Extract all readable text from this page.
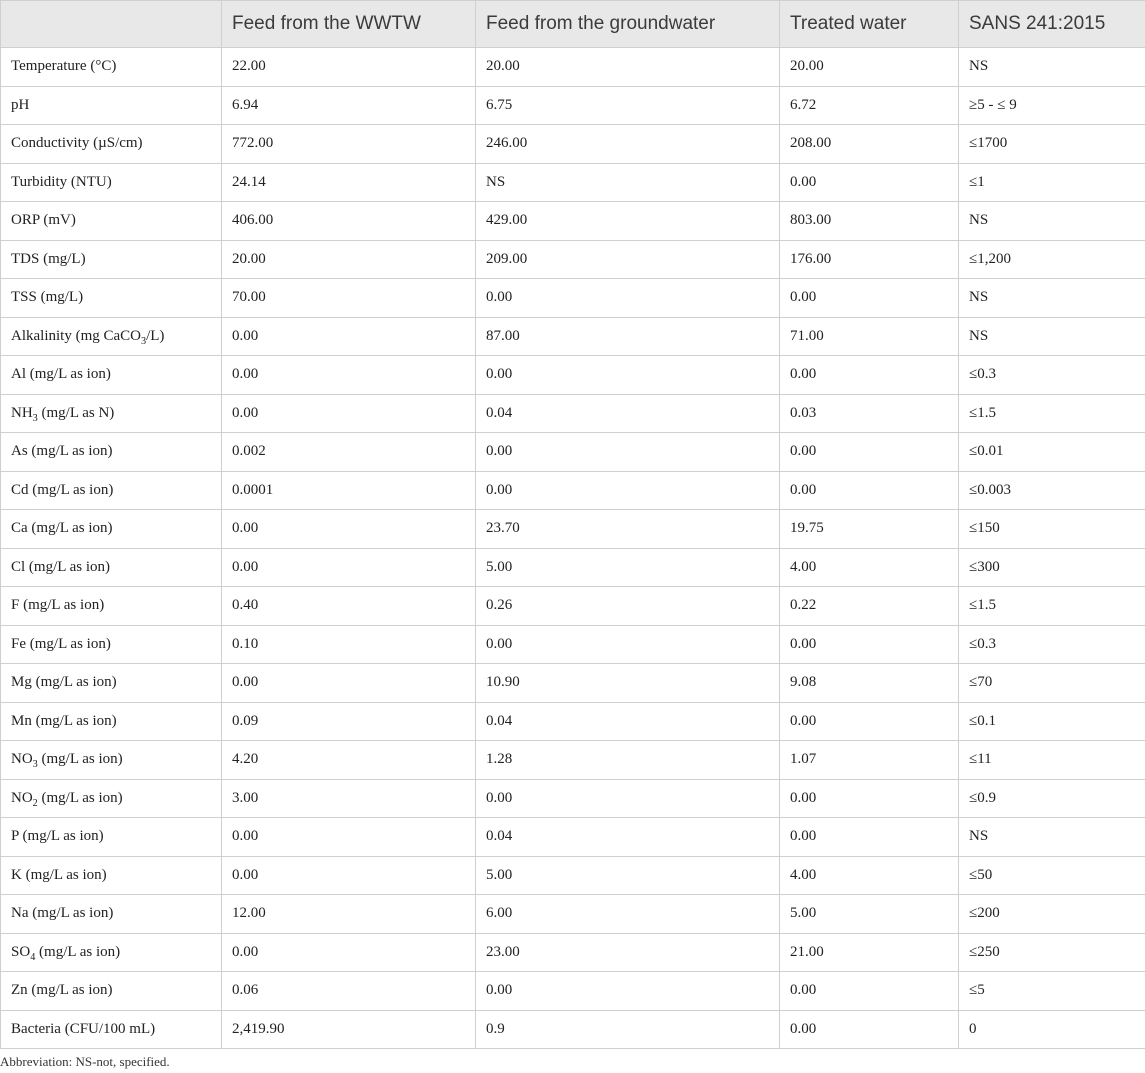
	Feed from the WWTW	Feed from the groundwater	Treated water	SANS 241:2015
Temperature (°C)	22.00	20.00	20.00	NS
pH	6.94	6.75	6.72	≥5 - ≤ 9
Conductivity (µS/cm)	772.00	246.00	208.00	≤1700
Turbidity (NTU)	24.14	NS	0.00	≤1
ORP (mV)	406.00	429.00	803.00	NS
TDS (mg/L)	20.00	209.00	176.00	≤1,200
TSS (mg/L)	70.00	0.00	0.00	NS
Alkalinity (mg CaCO$_3$/L)	0.00	87.00	71.00	NS
Al (mg/L as ion)	0.00	0.00	0.00	≤0.3
$NH_3$ (mg/L as N)	0.00	0.04	0.03	≤1.5
As (mg/L as ion)	0.002	0.00	0.00	≤0.01
Cd (mg/L as ion)	0.0001	0.00	0.00	≤0.003
Ca (mg/L as ion)	0.00	23.70	19.75	≤150
Cl (mg/L as ion)	0.00	5.00	4.00	≤300
F (mg/L as ion)	0.40	0.26	0.22	≤1.5
Fe (mg/L as ion)	0.10	0.00	0.00	≤0.3
Mg (mg/L as ion)	0.00	10.90	9.08	≤70
Mn (mg/L as ion)	0.09	0.04	0.00	≤0.1
$NO_3$ (mg/L as ion)	4.20	1.28	1.07	≤11
$NO_2$ (mg/L as ion)	3.00	0.00	0.00	≤0.9
P (mg/L as ion)	0.00	0.04	0.00	NS
K (mg/L as ion)	0.00	5.00	4.00	≤50
Na (mg/L as ion)	12.00	6.00	5.00	≤200
$SO_4$ (mg/L as ion)	0.00	23.00	21.00	≤250
Zn (mg/L as ion)	0.06	0.00	0.00	≤5
Bacteria (CFU/100 mL)	2,419.90	0.9	0.00	0
Abbreviation: NS-not, specified.
